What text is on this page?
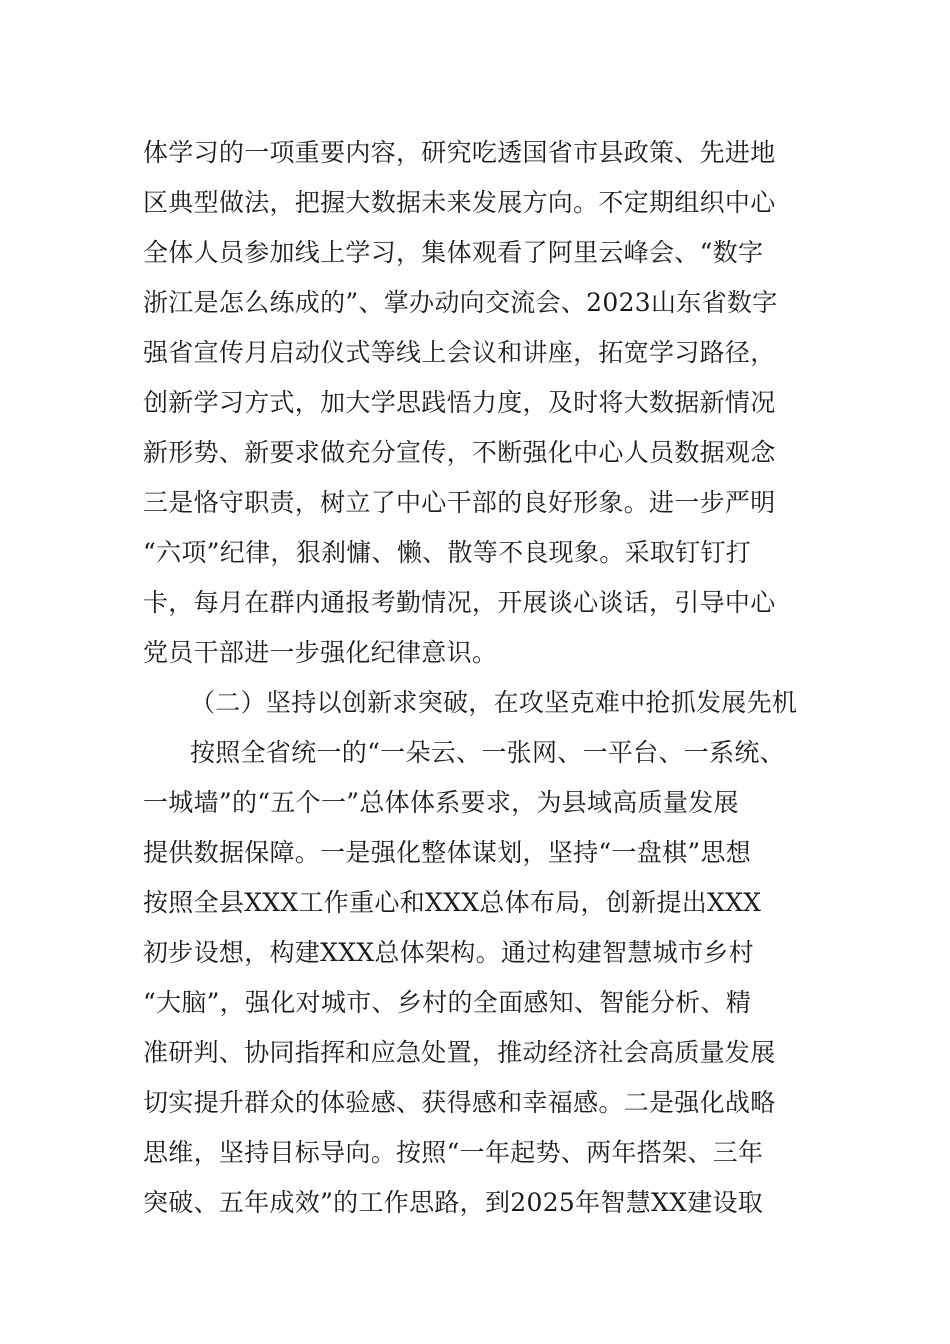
体学习的一项重要内容，研究吃透国省市县政策、先进地
区典型做法，把握大数据未来发展方向。不定期组织中心
全体人员参加线上学习，集体观看了阿里云峰会、“数字
浙江是怎么练成的”、掌办动向交流会、2023山东省数字
强省宣传月启动仪式等线上会议和讲座，拓宽学习路径，
创新学习方式，加大学思践悟力度，及时将大数据新情况
新形势、新要求做充分宣传，不断强化中心人员数据观念
三是恪守职责，树立了中心干部的良好形象。进一步严明
“六项”纪律，狠刹慵、懒、散等不良现象。采取钉钉打
卡，每月在群内通报考勤情况，开展谈心谈话，引导中心
党员干部进一步强化纪律意识。
（二）坚持以创新求突破，在攻坚克难中抢抓发展先机
按照全省统一的“一朵云、一张网、一平台、一系统、
一城墙”的“五个一”总体体系要求，为县域高质量发展
提供数据保障。一是强化整体谋划，坚持“一盘棋”思想
按照全县XXX工作重心和XXX总体布局，创新提出XXX
初步设想，构建XXX总体架构。通过构建智慧城市乡村
“大脑”，强化对城市、乡村的全面感知、智能分析、精
准研判、协同指挥和应急处置，推动经济社会高质量发展
切实提升群众的体验感、获得感和幸福感。二是强化战略
思维，坚持目标导向。按照“一年起势、两年搭架、三年
突破、五年成效”的工作思路，到2025年智慧XX建设取
